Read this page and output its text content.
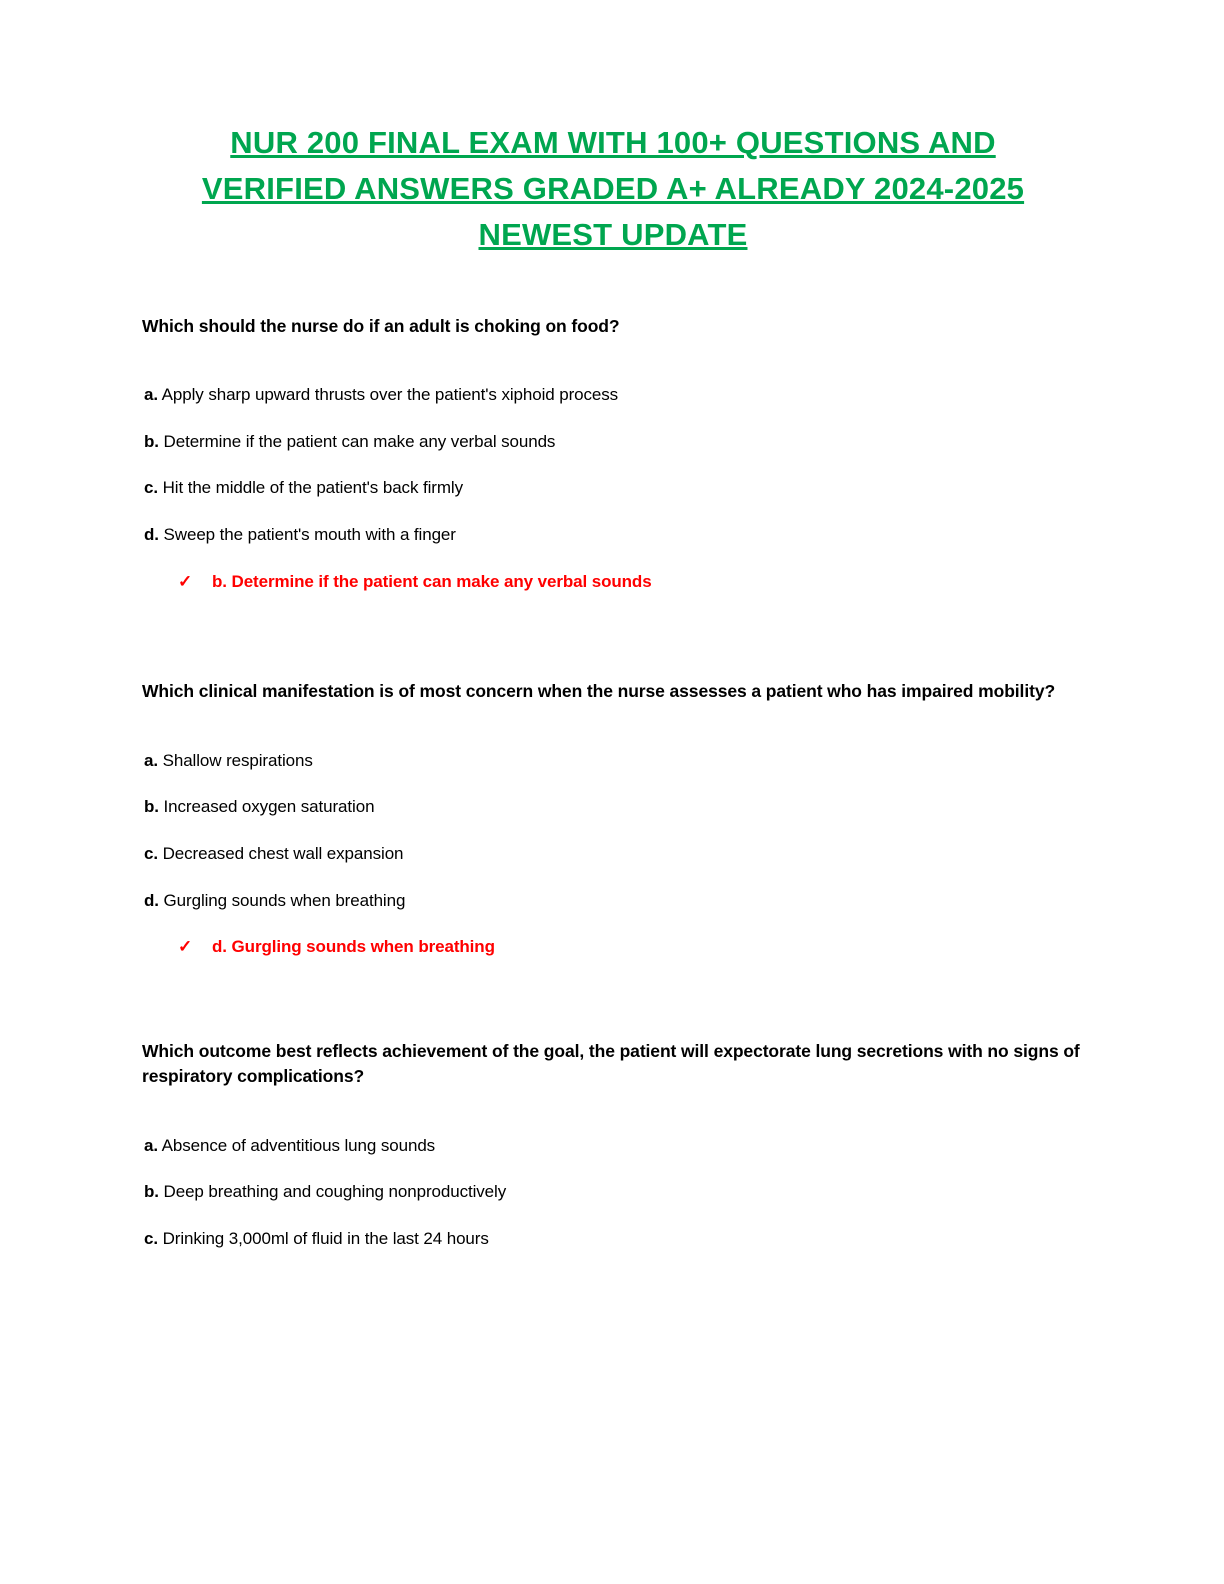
NUR 200 FINAL EXAM WITH 100+ QUESTIONS AND VERIFIED ANSWERS GRADED A+ ALREADY 2024-2025 NEWEST UPDATE

Which should the nurse do if an adult is choking on food?

a. Apply sharp upward thrusts over the patient's xiphoid process

b. Determine if the patient can make any verbal sounds

c. Hit the middle of the patient's back firmly

d. Sweep the patient's mouth with a finger

✓	b. Determine if the patient can make any verbal sounds

Which clinical manifestation is of most concern when the nurse assesses a patient who has impaired mobility?

a. Shallow respirations

b. Increased oxygen saturation

c. Decreased chest wall expansion

d. Gurgling sounds when breathing

✓	d. Gurgling sounds when breathing

Which outcome best reflects achievement of the goal, the patient will expectorate lung secretions with no signs of respiratory complications?

a. Absence of adventitious lung sounds

b. Deep breathing and coughing nonproductively

c. Drinking 3,000ml of fluid in the last 24 hours
